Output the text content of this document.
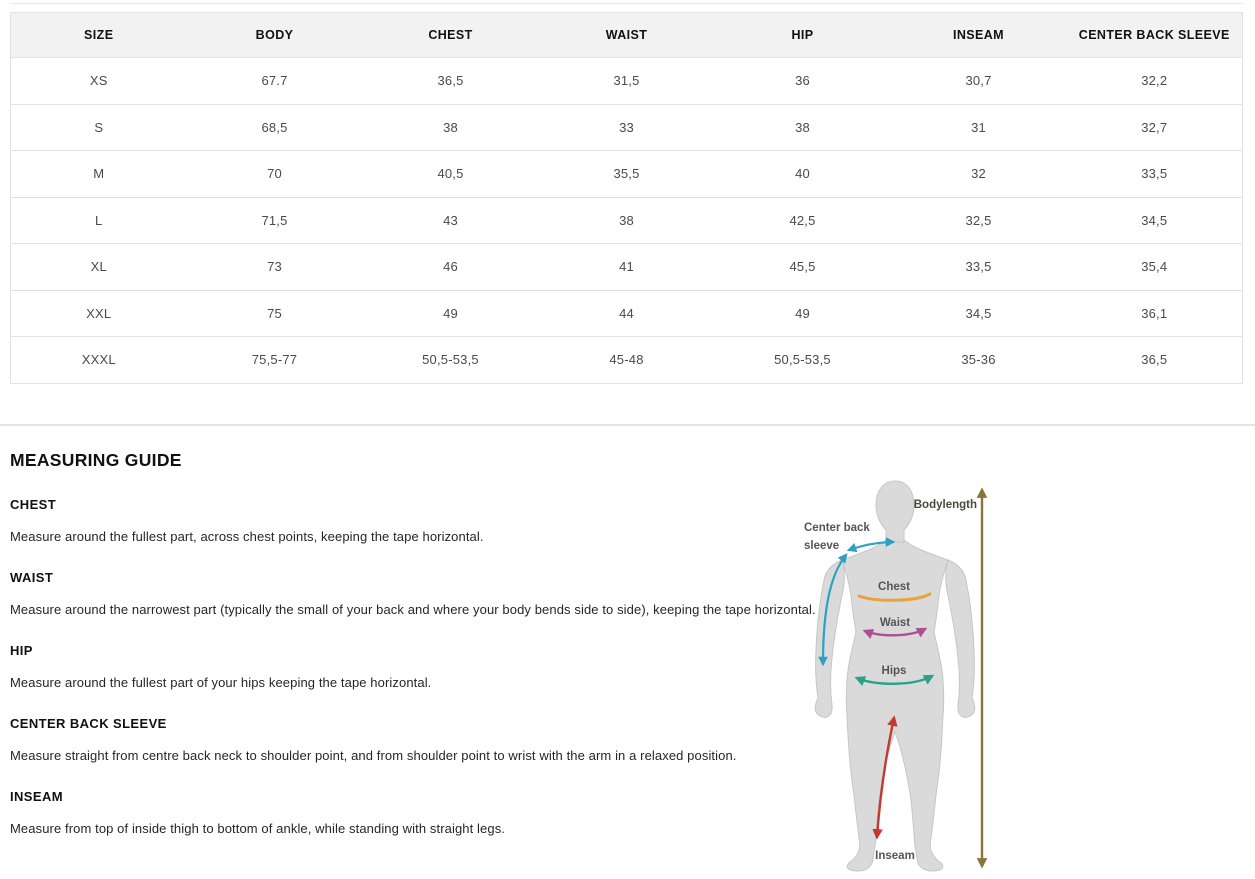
SIZE	BODY	CHEST	WAIST	HIP	INSEAM	CENTER BACK SLEEVE
XS	67.7	36,5	31,5	36	30,7	32,2
S	68,5	38	33	38	31	32,7
M	70	40,5	35,5	40	32	33,5
L	71,5	43	38	42,5	32,5	34,5
XL	73	46	41	45,5	33,5	35,4
XXL	75	49	44	49	34,5	36,1
XXXL	75,5-77	50,5-53,5	45-48	50,5-53,5	35-36	36,5
MEASURING GUIDE
CHEST

Measure around the fullest part, across chest points, keeping the tape horizontal.

WAIST

Measure around the narrowest part (typically the small of your back and where your body bends side to side), keeping the tape horizontal.

HIP

Measure around the fullest part of your hips keeping the tape horizontal.

CENTER BACK SLEEVE

Measure straight from centre back neck to shoulder point, and from shoulder point to wrist with the arm in a relaxed position.

INSEAM

Measure from top of inside thigh to bottom of ankle, while standing with straight legs.

Bodylength
Center back
sleeve
Chest
Waist
Hips
Inseam
